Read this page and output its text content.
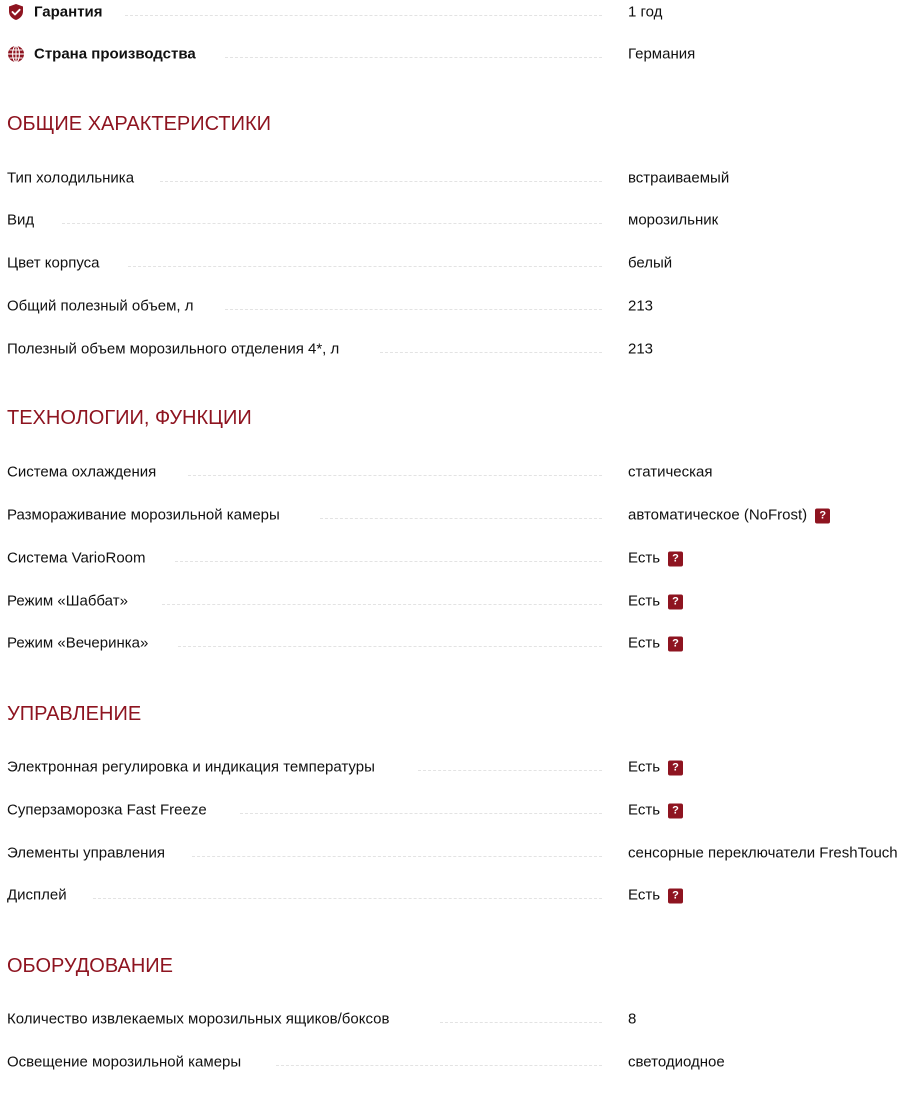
Гарантия	1 год
Страна производства	Германия
ОБЩИЕ ХАРАКТЕРИСТИКИ
Тип холодильника	встраиваемый
Вид	морозильник
Цвет корпуса	белый
Общий полезный объем, л	213
Полезный объем морозильного отделения 4*, л	213
ТЕХНОЛОГИИ, ФУНКЦИИ
Система охлаждения	статическая
Размораживание морозильной камеры	автоматическое (NoFrost) ?
Система VarioRoom	Есть ?
Режим «Шаббат»	Есть ?
Режим «Вечеринка»	Есть ?
УПРАВЛЕНИЕ
Электронная регулировка и индикация температуры	Есть ?
Суперзаморозка Fast Freeze	Есть ?
Элементы управления	сенсорные переключатели FreshTouch
Дисплей	Есть ?
ОБОРУДОВАНИЕ
Количество извлекаемых морозильных ящиков/боксов	8
Освещение морозильной камеры	светодиодное
